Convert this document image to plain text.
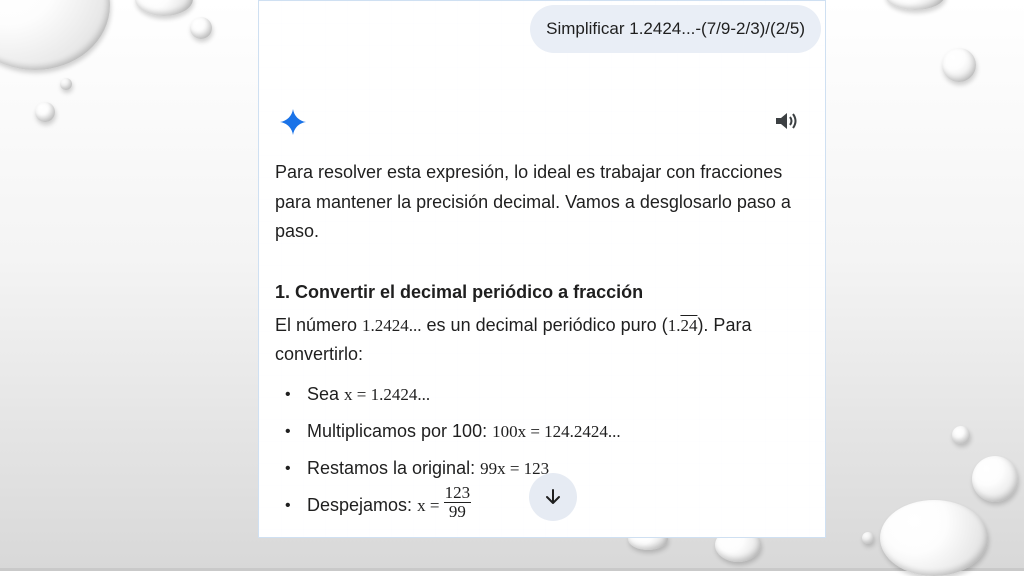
Simplificar 1.2424...-(7/9-2/3)/(2/5)

Para resolver esta expresión, lo ideal es trabajar con fracciones para mantener la precisión decimal. Vamos a desglosarlo paso a paso.

1. Convertir el decimal periódico a fracción

El número 1.2424... es un decimal periódico puro (1.24). Para convertirlo:

• Sea x = 1.2424...
• Multiplicamos por 100: 100x = 124.2424...
• Restamos la original: 99x = 123
• Despejamos: $x = \frac{123}{99}$
